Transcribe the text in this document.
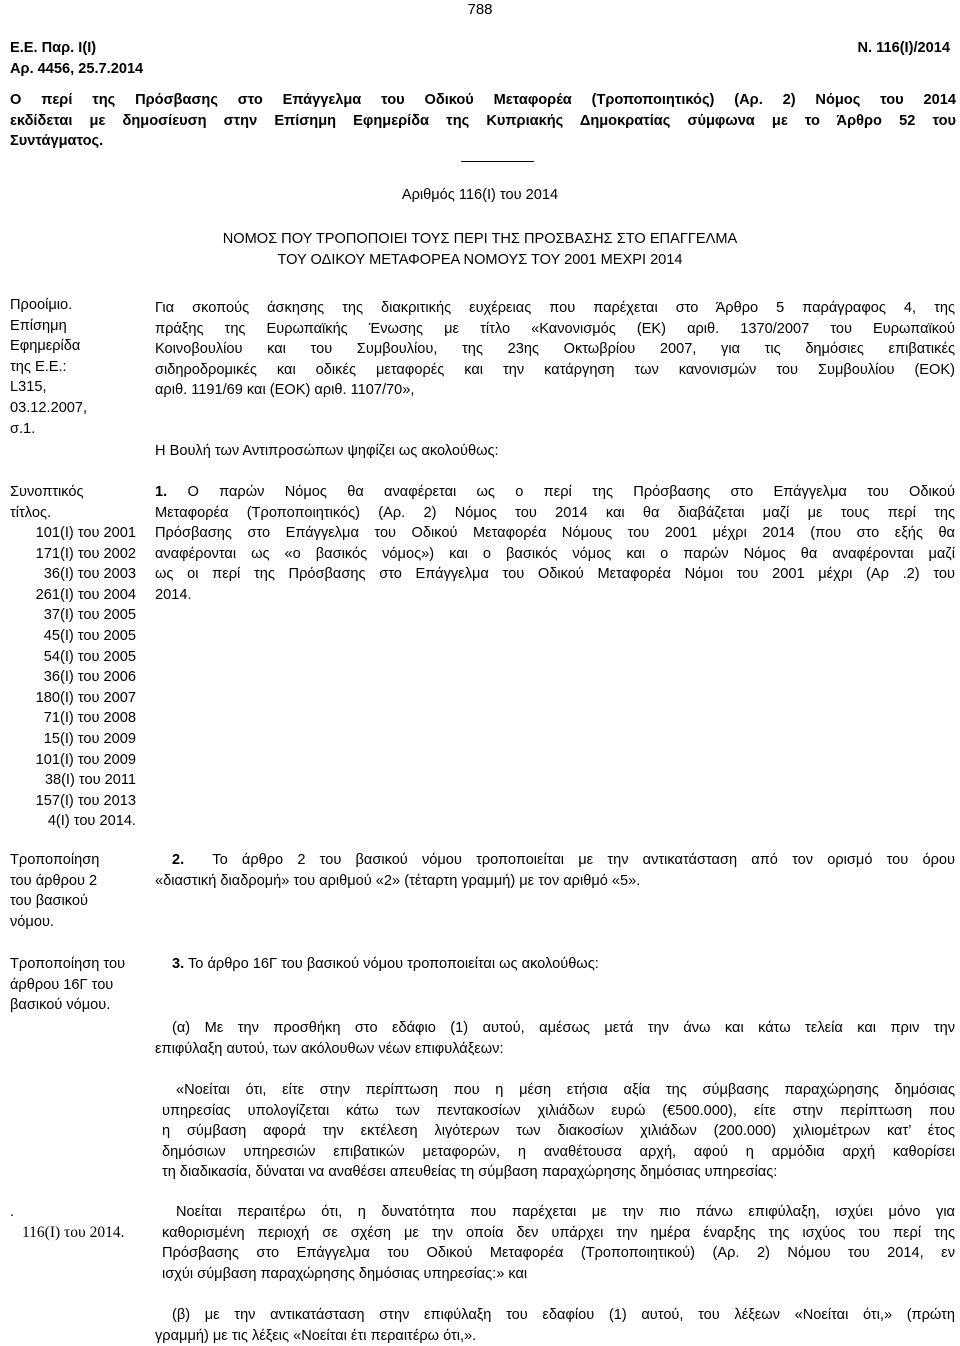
788
Ε.Ε. Παρ. Ι(Ι)
Αρ. 4456, 25.7.2014
Ν. 116(Ι)/2014
Ο περί της Πρόσβασης στο Επάγγελμα του Οδικού Μεταφορέα (Τροποποιητικός) (Αρ. 2) Νόμος του 2014
εκδίδεται με δημοσίευση στην Επίσημη Εφημερίδα της Κυπριακής Δημοκρατίας σύμφωνα με το Άρθρο 52 του
Συντάγματος.
Αριθμός 116(Ι) του 2014
ΝΟΜΟΣ ΠΟΥ ΤΡΟΠΟΠΟΙΕΙ ΤΟΥΣ ΠΕΡΙ ΤΗΣ ΠΡΟΣΒΑΣΗΣ ΣΤΟ ΕΠΑΓΓΕΛΜΑ
ΤΟΥ ΟΔΙΚΟΥ ΜΕΤΑΦΟΡΕΑ ΝΟΜΟΥΣ ΤΟΥ 2001 ΜΕΧΡΙ 2014
Προοίμιο.
Επίσημη
Εφημερίδα
της Ε.Ε.:
L315,
03.12.2007,
σ.1.
Συνοπτικός
τίτλος.
101(Ι) του 2001
171(Ι) του 2002
36(Ι) του 2003
261(Ι) του 2004
37(Ι) του 2005
45(Ι) του 2005
54(Ι) του 2005
36(Ι) του 2006
180(Ι) του 2007
71(Ι) του 2008
15(Ι) του 2009
101(Ι) του 2009
38(Ι) του 2011
157(Ι) του 2013
4(Ι) του 2014.
Τροποποίηση
του άρθρου 2
του βασικού
νόμου.
Τροποποίηση του
άρθρου 16Γ του
βασικού νόμου.
.
116(Ι) του 2014.
Για σκοπούς άσκησης της διακριτικής ευχέρειας που παρέχεται στο Άρθρο 5 παράγραφος 4, της
πράξης της Ευρωπαϊκής Ένωσης με τίτλο «Κανονισμός (ΕΚ) αριθ. 1370/2007 του Ευρωπαϊκού
Κοινοβουλίου και του Συμβουλίου, της 23ης Οκτωβρίου 2007, για τις δημόσιες επιβατικές
σιδηροδρομικές και οδικές μεταφορές και την κατάργηση των κανονισμών του Συμβουλίου (ΕΟΚ)
αριθ. 1191/69 και (ΕΟΚ) αριθ. 1107/70»,
Η Βουλή των Αντιπροσώπων ψηφίζει ως ακολούθως:
1. Ο παρών Νόμος θα αναφέρεται ως ο περί της Πρόσβασης στο Επάγγελμα του Οδικού
Μεταφορέα (Τροποποιητικός) (Αρ. 2) Νόμος του 2014 και θα διαβάζεται μαζί με τους περί της
Πρόσβασης στο Επάγγελμα του Οδικού Μεταφορέα Νόμους του 2001 μέχρι 2014 (που στο εξής θα
αναφέρονται ως «ο βασικός νόμος») και ο βασικός νόμος και ο παρών Νόμος θα αναφέρονται μαζί
ως οι περί της Πρόσβασης στο Επάγγελμα του Οδικού Μεταφορέα Νόμοι του 2001 μέχρι (Αρ .2) του
2014.
2. Το άρθρο 2 του βασικού νόμου τροποποιείται με την αντικατάσταση από τον ορισμό του όρου
«διαστική διαδρομή» του αριθμού «2» (τέταρτη γραμμή) με τον αριθμό «5».
3. Το άρθρο 16Γ του βασικού νόμου τροποποιείται ως ακολούθως:
(α) Με την προσθήκη στο εδάφιο (1) αυτού, αμέσως μετά την άνω και κάτω τελεία και πριν την
επιφύλαξη αυτού, των ακόλουθων νέων επιφυλάξεων:
«Νοείται ότι, είτε στην περίπτωση που η μέση ετήσια αξία της σύμβασης παραχώρησης δημόσιας
υπηρεσίας υπολογίζεται κάτω των πεντακοσίων χιλιάδων ευρώ (€500.000), είτε στην περίπτωση που
η σύμβαση αφορά την εκτέλεση λιγότερων των διακοσίων χιλιάδων (200.000) χιλιομέτρων κατ’ έτος
δημόσιων υπηρεσιών επιβατικών μεταφορών, η αναθέτουσα αρχή, αφού η αρμόδια αρχή καθορίσει
τη διαδικασία, δύναται να αναθέσει απευθείας τη σύμβαση παραχώρησης δημόσιας υπηρεσίας:
Νοείται περαιτέρω ότι, η δυνατότητα που παρέχεται με την πιο πάνω επιφύλαξη, ισχύει μόνο για
καθορισμένη περιοχή σε σχέση με την οποία δεν υπάρχει την ημέρα έναρξης της ισχύος του περί της
Πρόσβασης στο Επάγγελμα του Οδικού Μεταφορέα (Τροποποιητικού) (Αρ. 2) Νόμου του 2014, εν
ισχύι σύμβαση παραχώρησης δημόσιας υπηρεσίας:» και
(β) με την αντικατάσταση στην επιφύλαξη του εδαφίου (1) αυτού, του λέξεων «Νοείται ότι,» (πρώτη
γραμμή) με τις λέξεις «Νοείται έτι περαιτέρω ότι,».
